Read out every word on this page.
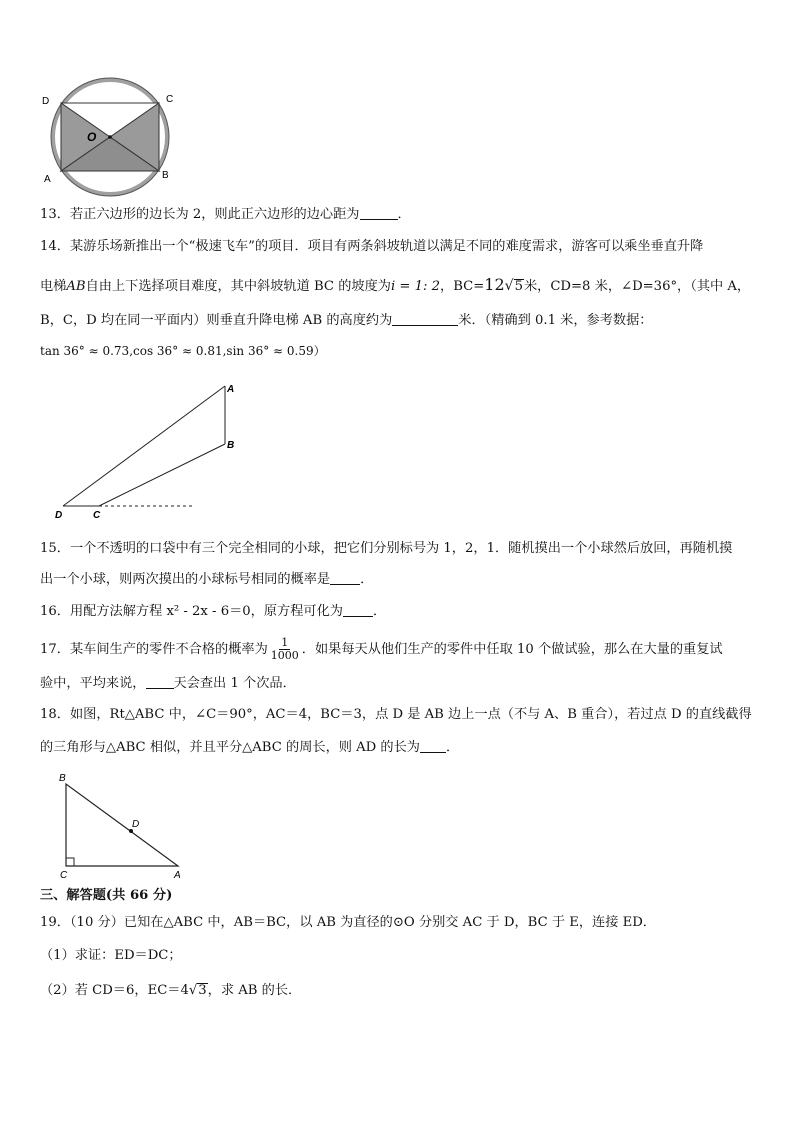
D	C
O
A	B
13．若正六边形的边长为 2，则此正六边形的边心距为	．
14．某游乐场新推出一个“极速飞车”的项目．项目有两条斜坡轨道以满足不同的难度需求，游客可以乘坐垂直升降
电梯AB自由上下选择项目难度，其中斜坡轨道 BC 的坡度为i = 1: 2，BC=12√5米，CD=8 米，∠D=36°，（其中 A，
B，C，D 均在同一平面内）则垂直升降电梯 AB 的高度约为	米．（精确到 0.1 米，参考数据：
tan 36° ≈ 0.73,cos 36° ≈ 0.81,sin 36° ≈ 0.59）
D	C
A
B
15．一个不透明的口袋中有三个完全相同的小球，把它们分别标号为 1，2，1．随机摸出一个小球然后放回，再随机摸
出一个小球，则两次摸出的小球标号相同的概率是 ．
16．用配方法解方程 x² - 2x - 6＝0，原方程可化为 ．
17．某车间生产的零件不合格的概率为 $\frac{1}{1000}$ ．如果每天从他们生产的零件中任取 10 个做试验，那么在大量的重复试
验中，平均来说， 天会查出 1 个次品．
18．如图，Rt△ABC 中，∠C＝90°，AC＝4，BC＝3，点 D 是 AB 边上一点（不与 A、B 重合），若过点 D 的直线截得
的三角形与△ABC 相似，并且平分△ABC 的周长，则 AD 的长为 ．
B
D
C	A
三、解答题(共 66 分)
19．（10 分）已知在△ABC 中，AB＝BC，以 AB 为直径的⊙O 分别交 AC 于 D，BC 于 E，连接 ED．
（1）求证：ED＝DC；
（2）若 CD＝6，EC＝4√3，求 AB 的长．
